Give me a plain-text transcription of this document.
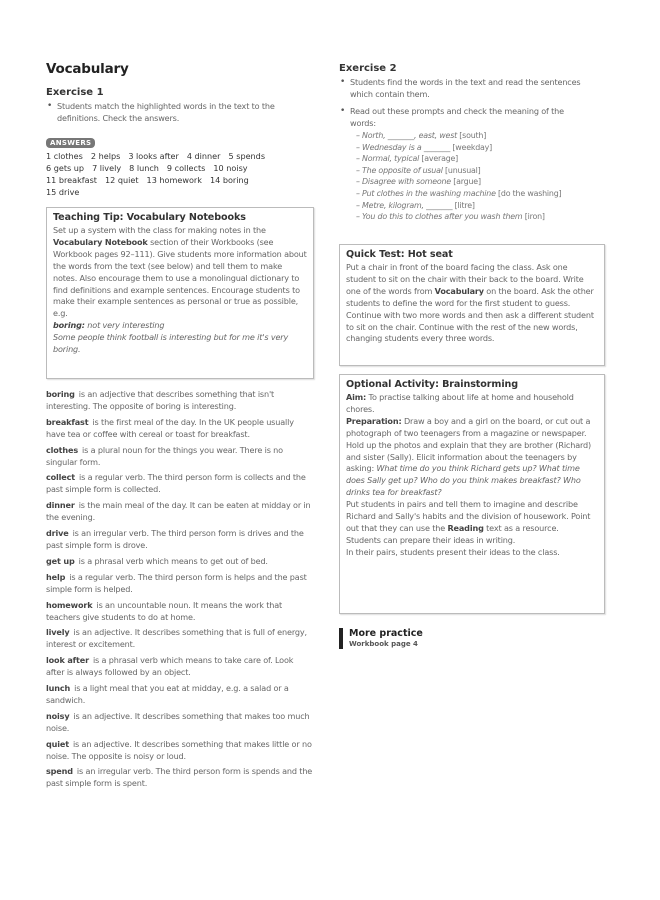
Vocabulary
Exercise 1
• Students match the highlighted words in the text to the definitions. Check the answers.
ANSWERS
1 clothes 2 helps 3 looks after 4 dinner 5 spends
6 gets up 7 lively 8 lunch 9 collects 10 noisy
11 breakfast 12 quiet 13 homework 14 boring
15 drive
Teaching Tip: Vocabulary Notebooks
Set up a system with the class for making notes in the Vocabulary Notebook section of their Workbooks (see Workbook pages 92–111). Give students more information about the words from the text (see below) and tell them to make notes. Also encourage them to use a monolingual dictionary to find definitions and example sentences. Encourage students to make their example sentences as personal or true as possible, e.g.
boring: not very interesting
Some people think football is interesting but for me it's very boring.
boring is an adjective that describes something that isn't interesting. The opposite of boring is interesting.
breakfast is the first meal of the day. In the UK people usually have tea or coffee with cereal or toast for breakfast.
clothes is a plural noun for the things you wear. There is no singular form.
collect is a regular verb. The third person form is collects and the past simple form is collected.
dinner is the main meal of the day. It can be eaten at midday or in the evening.
drive is an irregular verb. The third person form is drives and the past simple form is drove.
get up is a phrasal verb which means to get out of bed.
help is a regular verb. The third person form is helps and the past simple form is helped.
homework is an uncountable noun. It means the work that teachers give students to do at home.
lively is an adjective. It describes something that is full of energy, interest or excitement.
look after is a phrasal verb which means to take care of. Look after is always followed by an object.
lunch is a light meal that you eat at midday, e.g. a salad or a sandwich.
noisy is an adjective. It describes something that makes too much noise.
quiet is an adjective. It describes something that makes little or no noise. The opposite is noisy or loud.
spend is an irregular verb. The third person form is spends and the past simple form is spent.
Exercise 2
• Students find the words in the text and read the sentences which contain them.
• Read out these prompts and check the meaning of the words:
– North, _______, east, west [south]
– Wednesday is a _______ [weekday]
– Normal, typical [average]
– The opposite of usual [unusual]
– Disagree with someone [argue]
– Put clothes in the washing machine [do the washing]
– Metre, kilogram, _______ [litre]
– You do this to clothes after you wash them [iron]
Quick Test: Hot seat
Put a chair in front of the board facing the class. Ask one student to sit on the chair with their back to the board. Write one of the words from Vocabulary on the board. Ask the other students to define the word for the first student to guess. Continue with two more words and then ask a different student to sit on the chair. Continue with the rest of the new words, changing students every three words.
Optional Activity: Brainstorming
Aim: To practise talking about life at home and household chores.
Preparation: Draw a boy and a girl on the board, or cut out a photograph of two teenagers from a magazine or newspaper.
Hold up the photos and explain that they are brother (Richard) and sister (Sally). Elicit information about the teenagers by asking: What time do you think Richard gets up? What time does Sally get up? Who do you think makes breakfast? Who drinks tea for breakfast?
Put students in pairs and tell them to imagine and describe Richard and Sally's habits and the division of housework. Point out that they can use the Reading text as a resource.
Students can prepare their ideas in writing.
In their pairs, students present their ideas to the class.
More practice
Workbook page 4
